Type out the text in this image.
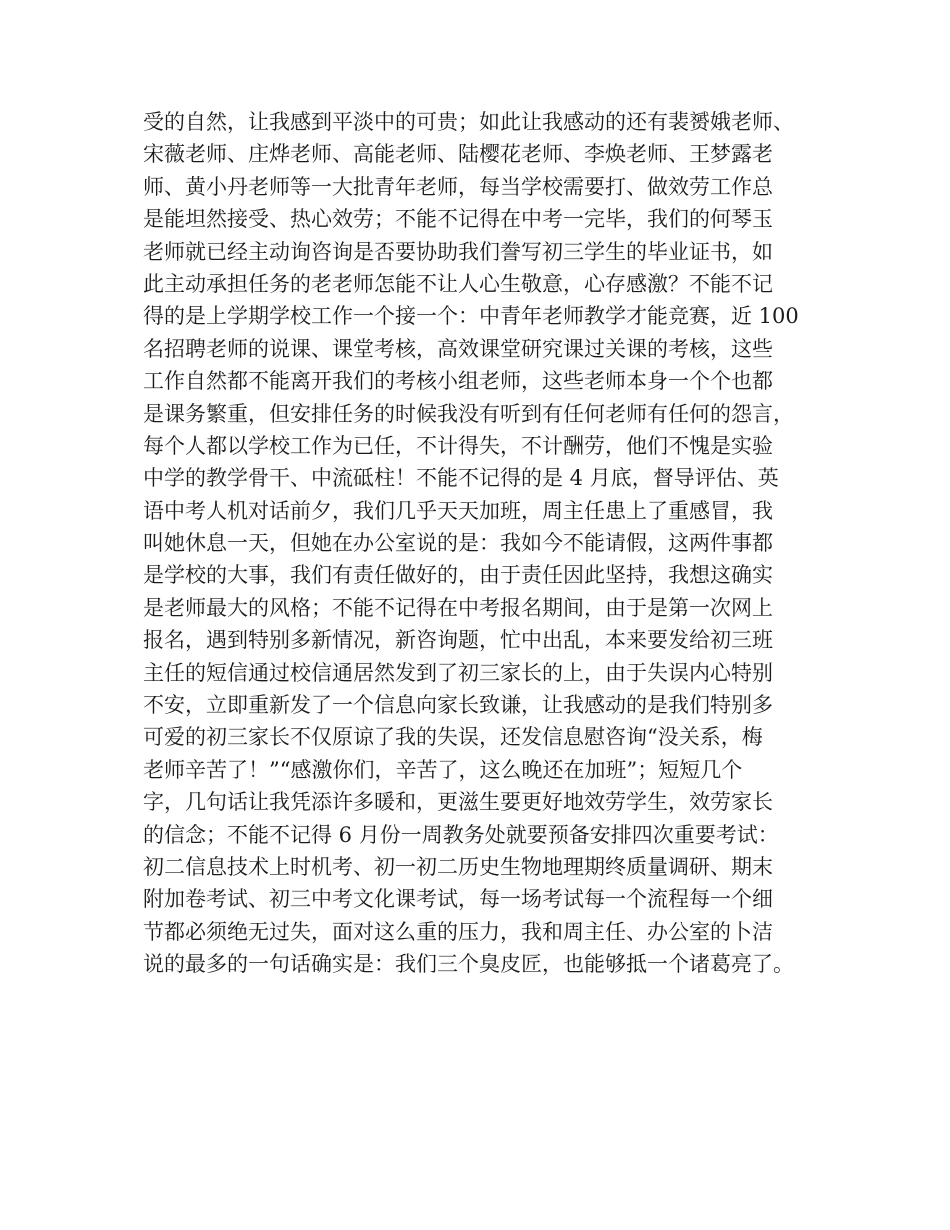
受的自然，让我感到平淡中的可贵；如此让我感动的还有裴赟娥老师、
宋薇老师、庄烨老师、高能老师、陆樱花老师、李焕老师、王梦露老
师、黄小丹老师等一大批青年老师，每当学校需要打、做效劳工作总
是能坦然接受、热心效劳；不能不记得在中考一完毕，我们的何琴玉
老师就已经主动询咨询是否要协助我们誊写初三学生的毕业证书，如
此主动承担任务的老老师怎能不让人心生敬意，心存感激？不能不记
得的是上学期学校工作一个接一个：中青年老师教学才能竞赛，近 100
名招聘老师的说课、课堂考核，高效课堂研究课过关课的考核，这些
工作自然都不能离开我们的考核小组老师，这些老师本身一个个也都
是课务繁重，但安排任务的时候我没有听到有任何老师有任何的怨言，
每个人都以学校工作为已任，不计得失，不计酬劳，他们不愧是实验
中学的教学骨干、中流砥柱！不能不记得的是 4 月底，督导评估、英
语中考人机对话前夕，我们几乎天天加班，周主任患上了重感冒，我
叫她休息一天，但她在办公室说的是：我如今不能请假，这两件事都
是学校的大事，我们有责任做好的，由于责任因此坚持，我想这确实
是老师最大的风格；不能不记得在中考报名期间，由于是第一次网上
报名，遇到特别多新情况，新咨询题，忙中出乱，本来要发给初三班
主任的短信通过校信通居然发到了初三家长的上，由于失误内心特别
不安，立即重新发了一个信息向家长致谦，让我感动的是我们特别多
可爱的初三家长不仅原谅了我的失误，还发信息慰咨询“没关系，梅
老师辛苦了！”“感激你们，辛苦了，这么晚还在加班”；短短几个
字，几句话让我凭添许多暖和，更滋生要更好地效劳学生，效劳家长
的信念；不能不记得 6 月份一周教务处就要预备安排四次重要考试：
初二信息技术上时机考、初一初二历史生物地理期终质量调研、期末
附加卷考试、初三中考文化课考试，每一场考试每一个流程每一个细
节都必须绝无过失，面对这么重的压力，我和周主任、办公室的卜洁
说的最多的一句话确实是：我们三个臭皮匠，也能够抵一个诸葛亮了。
